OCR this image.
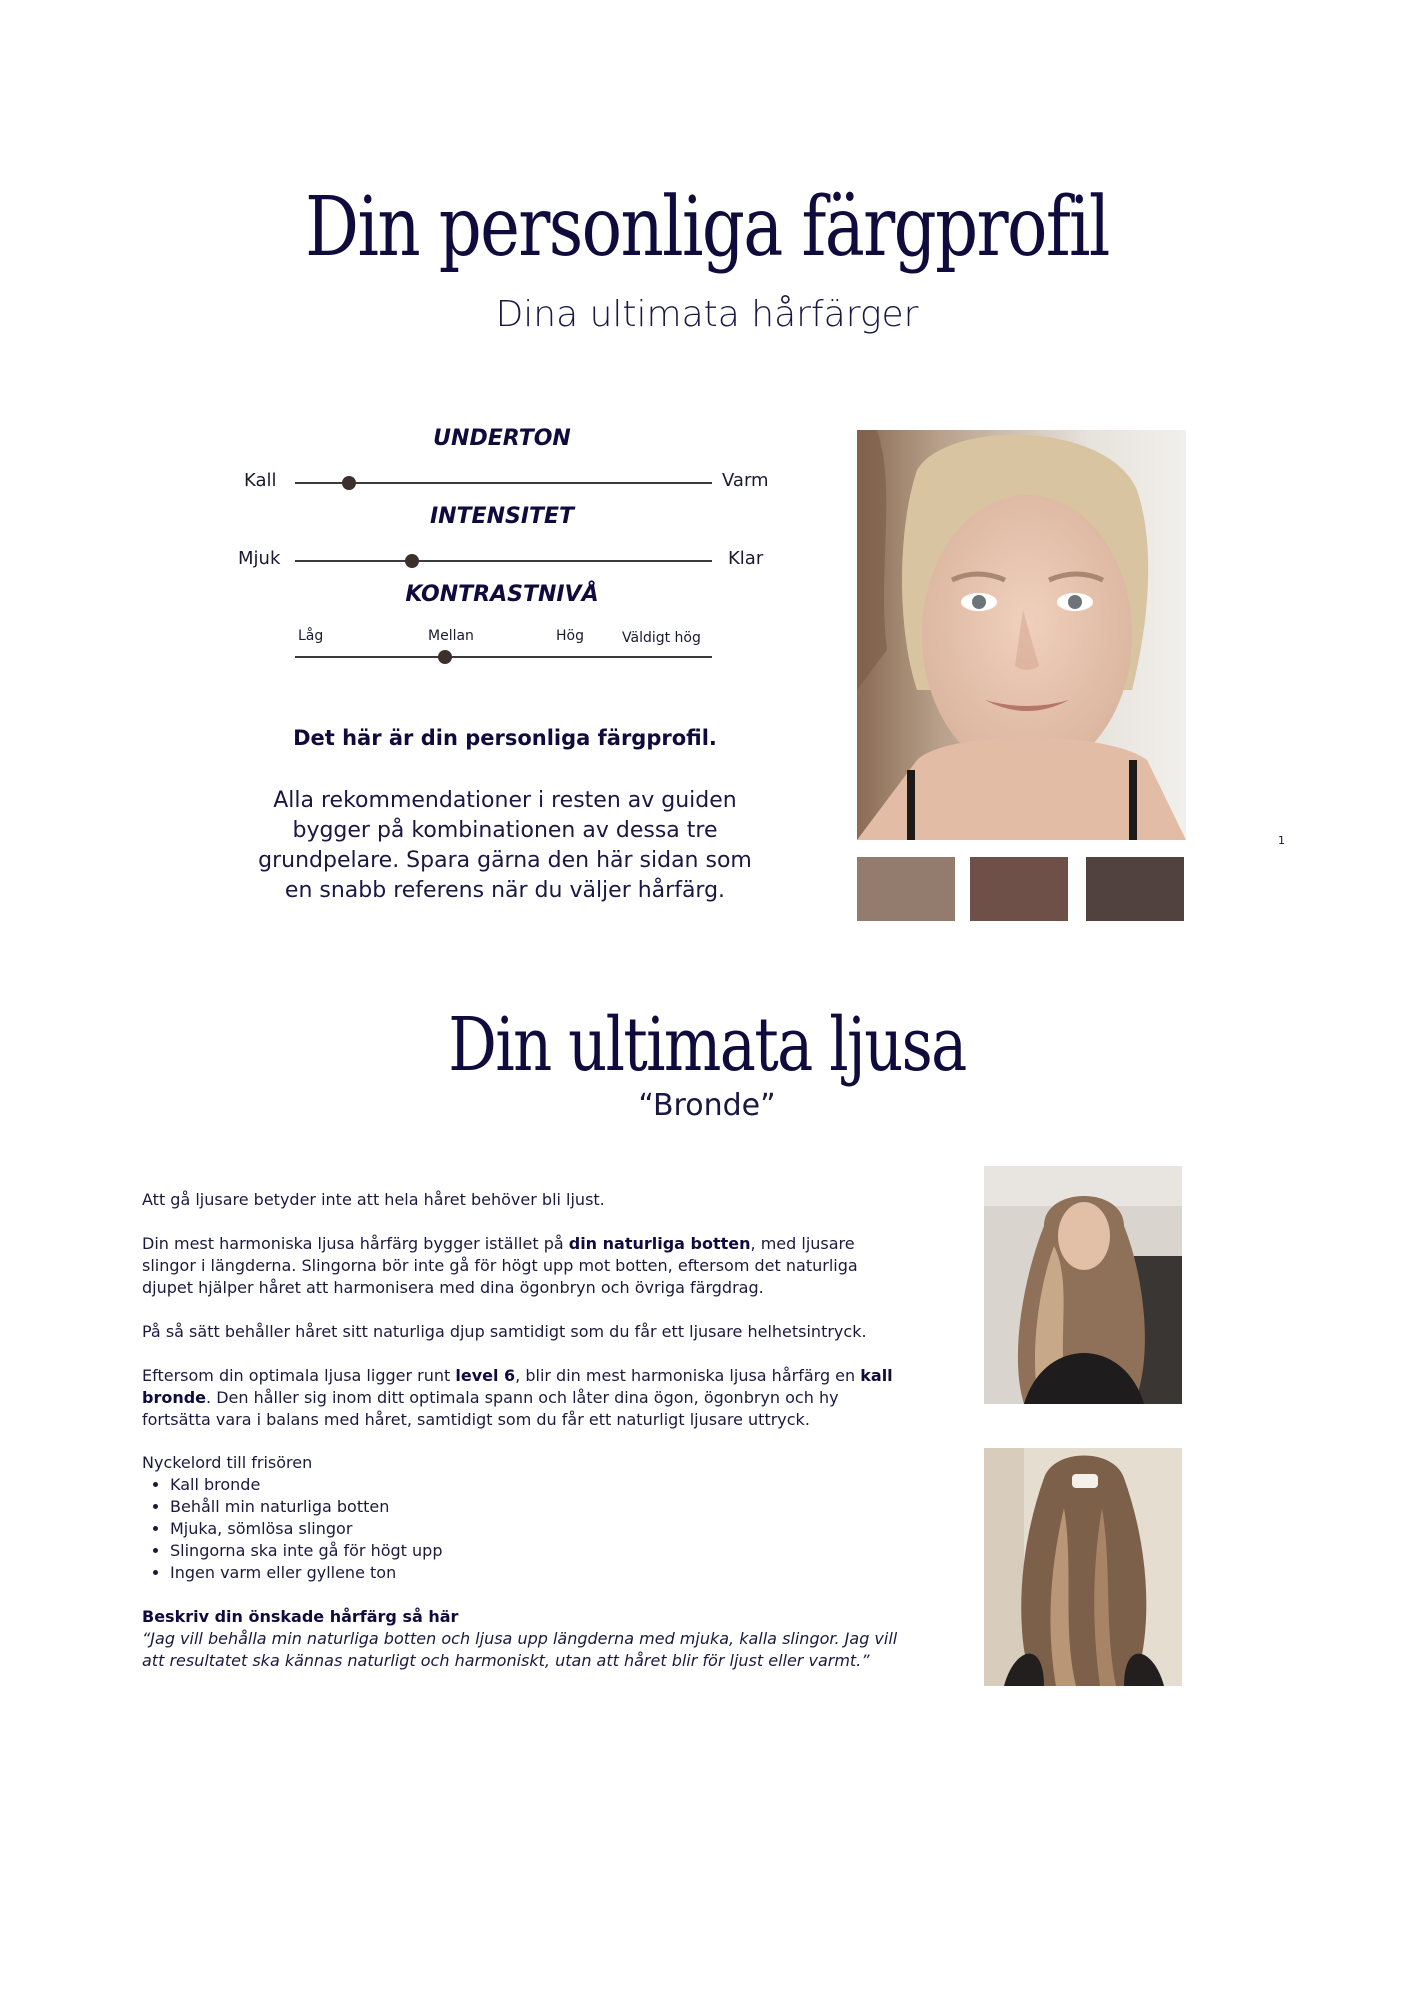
Din personliga färgprofil
Dina ultimata hårfärger
UNDERTON
Kall	Varm
INTENSITET
Mjuk	Klar
KONTRASTNIVÅ
Låg	Mellan	Hög	Väldigt hög
Det här är din personliga färgprofil.
Alla rekommendationer i resten av guiden bygger på kombinationen av dessa tre grundpelare. Spara gärna den här sidan som en snabb referens när du väljer hårfärg.
1
Din ultimata ljusa
“Bronde”
Att gå ljusare betyder inte att hela håret behöver bli ljust.
Din mest harmoniska ljusa hårfärg bygger istället på din naturliga botten, med ljusare slingor i längderna. Slingorna bör inte gå för högt upp mot botten, eftersom det naturliga djupet hjälper håret att harmonisera med dina ögonbryn och övriga färgdrag.
På så sätt behåller håret sitt naturliga djup samtidigt som du får ett ljusare helhetsintryck.
Eftersom din optimala ljusa ligger runt level 6, blir din mest harmoniska ljusa hårfärg en kall bronde. Den håller sig inom ditt optimala spann och låter dina ögon, ögonbryn och hy fortsätta vara i balans med håret, samtidigt som du får ett naturligt ljusare uttryck.
Nyckelord till frisören
• Kall bronde
• Behåll min naturliga botten
• Mjuka, sömlösa slingor
• Slingorna ska inte gå för högt upp
• Ingen varm eller gyllene ton
Beskriv din önskade hårfärg så här
“Jag vill behålla min naturliga botten och ljusa upp längderna med mjuka, kalla slingor. Jag vill att resultatet ska kännas naturligt och harmoniskt, utan att håret blir för ljust eller varmt.”
